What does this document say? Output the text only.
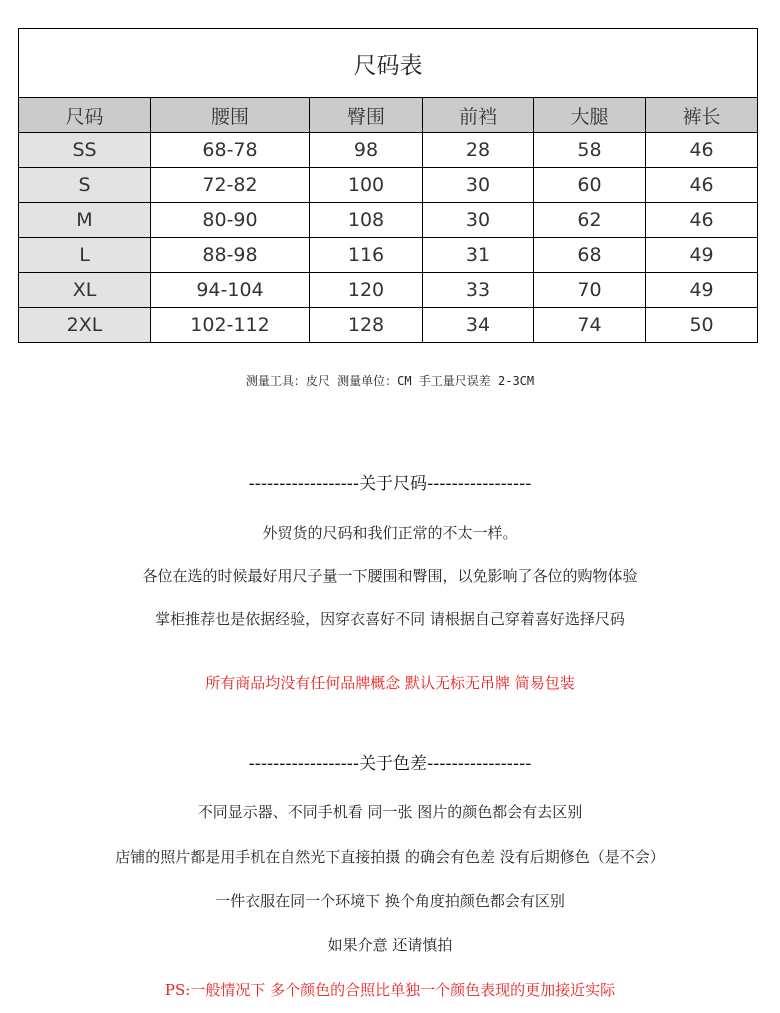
尺码表					
尺码	腰围	臀围	前裆	大腿	裤长
SS	68-78	98	28	58	46
S	72-82	100	30	60	46
M	80-90	108	30	62	46
L	88-98	116	31	68	49
XL	94-104	120	33	70	49
2XL	102-112	128	34	74	50
测量工具：皮尺 测量单位：CM 手工量尺误差 2-3CM
------------------关于尺码-----------------
外贸货的尺码和我们正常的不太一样。
各位在选的时候最好用尺子量一下腰围和臀围，以免影响了各位的购物体验
掌柜推荐也是依据经验，因穿衣喜好不同 请根据自己穿着喜好选择尺码
所有商品均没有任何品牌概念 默认无标无吊牌 简易包装
------------------关于色差-----------------
不同显示器、不同手机看 同一张 图片的颜色都会有去区别
店铺的照片都是用手机在自然光下直接拍摄 的确会有色差 没有后期修色（是不会）
一件衣服在同一个环境下 换个角度拍颜色都会有区别
如果介意 还请慎拍
PS:一般情况下 多个颜色的合照比单独一个颜色表现的更加接近实际
